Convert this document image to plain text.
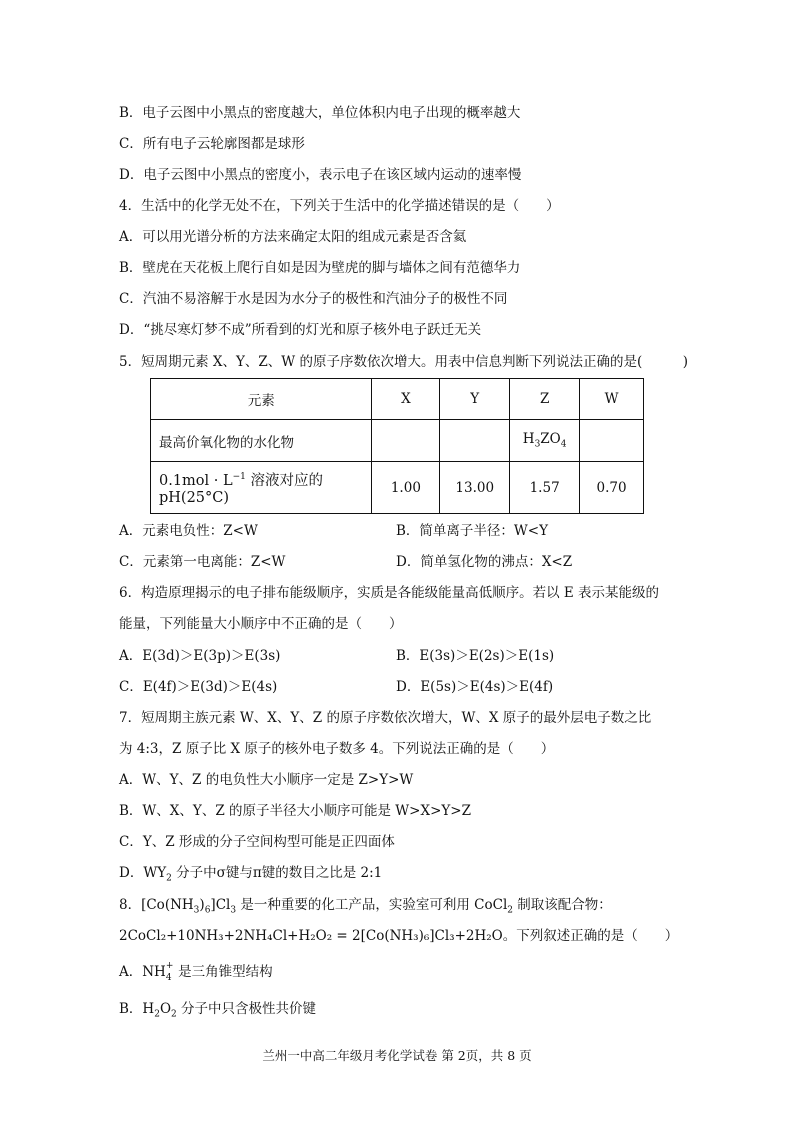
B．电子云图中小黑点的密度越大，单位体积内电子出现的概率越大
C．所有电子云轮廓图都是球形
D．电子云图中小黑点的密度小，表示电子在该区域内运动的速率慢
4．生活中的化学无处不在，下列关于生活中的化学描述错误的是（　　）
A．可以用光谱分析的方法来确定太阳的组成元素是否含氦
B．壁虎在天花板上爬行自如是因为壁虎的脚与墙体之间有范德华力
C．汽油不易溶解于水是因为水分子的极性和汽油分子的极性不同
D．“挑尽寒灯梦不成”所看到的灯光和原子核外电子跃迁无关
5．短周期元素 X、Y、Z、W 的原子序数依次增大。用表中信息判断下列说法正确的是(　　　)
元素	X	Y	Z	W
最高价氧化物的水化物			$H_3ZO_4$	
$0.1mol \cdot L^{-1}$ 溶液对应的 pH(25°C)	1.00	13.00	1.57	0.70
A．元素电负性：Z<W	B．简单离子半径：W<Y
C．元素第一电离能：Z<W	D．简单氢化物的沸点：X<Z
6．构造原理揭示的电子排布能级顺序，实质是各能级能量高低顺序。若以 E 表示某能级的
能量，下列能量大小顺序中不正确的是（　　）
A．E(3d)＞E(3p)＞E(3s)	B．E(3s)＞E(2s)＞E(1s)
C．E(4f)＞E(3d)＞E(4s)	D．E(5s)＞E(4s)＞E(4f)
7．短周期主族元素 W、X、Y、Z 的原子序数依次增大，W、X 原子的最外层电子数之比
为 4:3，Z 原子比 X 原子的核外电子数多 4。下列说法正确的是（　　）
A．W、Y、Z 的电负性大小顺序一定是 Z>Y>W
B．W、X、Y、Z 的原子半径大小顺序可能是 W>X>Y>Z
C．Y、Z 形成的分子空间构型可能是正四面体
D．$WY_2$ 分子中σ键与π键的数目之比是 2:1
8．$[Co(NH_3)_6]Cl_3$ 是一种重要的化工产品，实验室可利用 CoCl$_2$ 制取该配合物：
2CoCl₂+10NH₃+2NH₄Cl+H₂O₂ = 2[Co(NH₃)₆]Cl₃+2H₂O。下列叙述正确的是（　　）
A．NH +
4 是三角锥型结构
B．$H_2O_2$ 分子中只含极性共价键
兰州一中高二年级月考化学试卷 第 2页，共 8 页
